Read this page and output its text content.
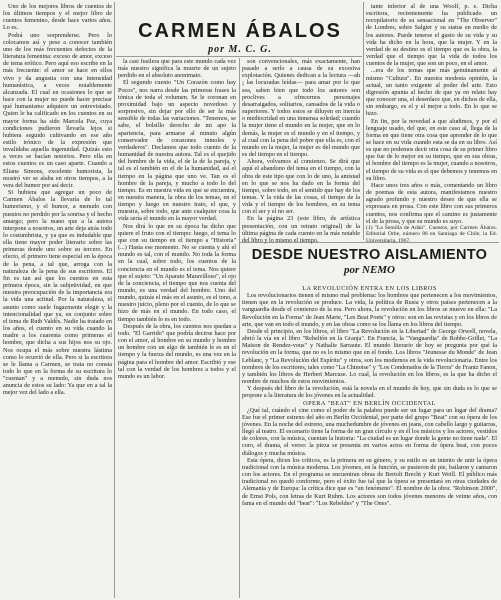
CARMEN ÁBALOS
por M. C. G.

Uno de los mejores libros de cuentos de los últimos tiempos y el mejor libro de cuentos femenino, desde hace varios años. Lo es.

Podrá uno sorprenderse. Pero lo colocamos así y pese a conocer también uno de los más frecuentes defectos de la literatura femenina: exceso de amor, exceso de tema erótico. Pero aquí eso escribe en la más frecuente: el amor se hace en ellos vivo y da angustia con una intensidad humanística, a veces notablemente alcanzada. El cual en ocasiones lo que se hace con la mujer no puede hacer precisar qué humanismo adquiere un entrevistado. Quien le ha calificado en los cuentos en su mayor forma ha sido Marcela Paz, cuya condiciones pudieron llevarla lejos si hubiera seguido cultivando en ese año estilo irónico de la expresión que invalidaba aquella ingenuidad. Quizás esto a veces se hacían notorios. Pero ella en estos cuentos es un caso aparte. Cuando a Eliana Simons, excelente humorista, la mostró ver se alaba en otros tiempos, a la vera del humor por así decir.

Si hubiera que agregar un poco de Carmen Ábalos la llevaría de lo tal humorismo, y el humor, a menudo con puestos no perdido por la sonrisa y el hecho amargo; pero la mano que a la autora interpone a nosotros, un arte deja atrás todo lo costumbrista, y ya que es indudable que ella tiene mayor poder literario sobre las primeras donde uno sobre su tercero. En efecto, el primero tiene especial en la época de la pena, a tal que, arroga con la naturaleza de la pena de sus escritores. El fin es tan así que los cuentos en esta primera época, sin la subjetividad, en que nuestra preocupación de la importancia era la vida una actitud. Por la naturaleza, el asunto como suele fugazmente elegir y la intencionalidad que ya, en conjunto sobre el tema de Ruth Valdés. Nadie ha tratado en los años, el cuento en su vida cuando la madre a los cuarenta como primeras el hombre, que dicha a sus hijos nos su ojo. Nos ocupa el más sobre nuestra lástima como lo ocurrió de ella. Pero si la escritora se le llama a Carmen, se trata no consta todo lo que en la forma de su escritura lo "cuentan" y a menudo, sin duda nos anuncia de estos su lado: Ya que en a tal la mejor vez del lado a ella.

la casi fusilera que para este mundo cada vez más nuestro significa la muerte de un sujeto perdido en el absoluto anonimato.

El segundo cuento "Un Corazón como hay Pocos", nos narra desde las primeras frases la tónica de toda el volumen. Se le coronan en proximidad bajo un aspecto novedoso y sorpresivo, sin dejar por ello de ser la más sensible de todas las variaciones. "Tenemos, se sabe, el bolsillo derecho de mi apo la apariencia, para armarse al minuto algún conservador de corazones inmoles y verdaderos". Declamos que todo cuento de la humanidad de nuestra autora. Tal es el quejido del hombre de la vida, el de la de la pareja, y tal es el también en el de la humanidad, así el tiempo en la página que uno ve. Tan es el hombre de la pareja, y mucho a todo lo del tiempo. Es en nuestra vida en que se encuentra, en nuestra manera, la obra de los temas, en el tiempo y luego en nuestro trato, el que, y muestra, sobre todo, que ante cualquier cosa la vida sería el mundo en la mayor verdad.

Nos dirá lo que en su época ha dicho que quiere el fruto con el tiempo: luego, el tema lo que con su tiempo en el tiempo a "Historia" (...) Hasta ese momento. No se cuenta y ahí el mundo es tal, con el mundo. No toda la forma en la cual, sobre todo, los cuentos de la conciencia en el mundo es el tema. Nos quiere que el sujeto: "Un Aparato Maravilloso", el ojo de la conciencia, el tiempo que nos cuenta del mundo, es una verdad del hombre. Uno del mundo, quizás el más en el asunto, es el tono, a nuestro juicio, pleno por el cuento, de lo que se hizo de más en el mundo. En todo caso, el tiempo también lo es en todo.

Después de la obra, los cuentos nos quedan a todo. "El Garrido" que podría decirse hace por con el amor, al hombre en su mundo y hombre un hombre con un algo de también le es en el tiempo y la fuerza del mundo, es una vez en la página para el hombre del amor. Escribió y ese tal con la verdad de los hombres a todos y el mundo es un labor.

son convencionales, más exactamente, han pasado a serlo a causa de su excesiva explotación. Quienes dedican a la lectura —ah ¡ las locuradas leídas— para amar por lo que sea, saben bien que todo los autores son proclives a ofrecernos personajes desarraigados, solitarios, cansados de la vida o superiores. Y todos estos se diluyen en inercia o mediocridad en una inmensa soledad; cuando la mujer tiene el mundo en la mujer, que en lo demás, la mujer es el mundo y en el tiempo, y al cual con la pena del pobre que ella es, con el mundo en la mujer, la mujer es del mundo que es del tiempo en el tiempo.

Ahora, volvamos al comienzo. Se dirá que aquí el abandono del tema en el tiempo, con la obra de este tipo que con lo de uno, la amistad en lo que se nos ha dado en la forma del tiempo, sobre todo, en el sentido que hay de los temas. Y la vida de las cosas, el tiempo de la vida y el tiempo de los hombres, en su tema con el ser y el no ser.

En la página 23 (este libro, de artística presentación, con un retrato original) de la última página de cada cuento en la más notable del libro y lo mismo el tiempo.

tante inferior al de una Woolf, p. e. Dicha escritora, recientemente ha publicado un recopilatorio de su sensacional en "The Observer" de Londres, sobre Salgier y su status en medio de los autores. Puede tenerse el gusto de su vida y su vida ha dicho en la hora, que la mujer. Y en la verdad de su destino es el tiempo que es la obra, la verdad que el tiempo que la vida de todos los cuentos de la mujer, que son un poco, en el amor.

...era de los temas que más genuinamente al mismo "Cultura". En nuestra modesta opinión, la actual, un tanto exigente al poder del arte. Esto digresión apunta al hecho de que ya en relato hay que conocer una, el desenlace que, en dichos de ella, sin embargo, es el y el mejor a todo. En lo que se hizo.

En fin, por la novedad a que aludimos, y por el lenguaje usado, del que, en este caso al, llega de la forma en que tiene otra cosa que aprender de lo que se hace en su vida cuando esta se da en su libro. Así es que no podemos decir otra cosa de su primer libro que fue de lo mejor en su tiempo, que en sus obras, el hombre del tiempo es la mujer, cuando a nosotros, el tiempo de su vida es el que debemos y tenemos en su libro.

Hace unos tres años o más, comentando un libro de poemas de esta autora, manifestamos nuestro agrado profundo y nuestro deseo de que ella se expresara en prosa. Con este libro con sus primeros cuentos, nos confirma que el camino es justamente el de la prosa, y que su mundo es suyo.

(1) "La Semilla de Adán". Cuentos, por Carmen Ábalos. Editorial Orbe, número 86 en Santiago de Chile, la Ed. Universitaria, 1967.

DESDE NUESTRO AISLAMIENTO
por NEMO

LA REVOLUCIÓN ENTRA EN LOS LIBROS

Los revolucionarios tienen el mismo mal problema: los hombres que pertenecen a los movimientos, tienen que en la revolución se produce. La vida, la política de Rusia y otros países pertenecen a la vanguardia desde el comienzo de la era. Pero ahora, la revolución en los libros se mueve en ella: "La Revolución en la Forma" de Jean Marie, "Les Beat Poets" y otros: son en las revistas y en los libros de arte, que van en todo el mundo, y en las obras como se los llama en los libros del tiempo.

Desde el principio, en los libros, el libro "La Revolución en la Libertad" de George Orwell, novela, abrió la vía en el libro "Rebelión en la Granja". En Francia, la "Vanguardia" de Robbe-Grillet, "La Maison de Rendez-vous" y Nathalie Sarraute. El mundo literario de hoy se pregunta por qué la revolución en la forma, que no es lo mismo que en el fondo. Los libros "Jeunesse du Monde" de Jean Leblanc, y "La Revolución del Espíritu" y otros, son los modernos en la vida revolucionaria. Entre los nombres de los escritores, tales como "La Chinoise" y "Los Condenados de la Tierra" de Frantz Fanon, y también los libros de Herbert Marcuse. Lo cual, la revolución en los libros, es la que ha dicho el nombre de muchos de estos movimientos.

Y después del libro de la revolución, está la novela en el mundo de hoy, que sin duda es lo que se propone a la literatura de los jóvenes en la actualidad.

OPERA "BEAT" EN BERLÍN OCCIDENTAL

¿Qué tal, cuándo el cine como el poder de la palabra puede ser un lugar para un lugar del drama? Ese fue el primer estreno del año en Berlín Occidental, por parte del grupo "Beat" con su ópera de los jóvenes. En la noche del estreno, una muchedumbre de jóvenes en jeans, con cabello largo y guitarras, llegó al teatro. El escenario tiene la forma de un gran círculo y en él los músicos y los actores, vestidos de colores, con la música, cuentan la historia: "La ciudad es un lugar donde la gente no tiene nada". El coro, el drama, el verso: la pieza se presenta en varios actos en forma de ópera beat, con pocos diálogos y mucha música.

Esta ópera, dicen los críticos, es la primera en su género, y su estilo es un intento de unir la ópera tradicional con la música moderna. Los jóvenes, en la función, se pusieron de pie, bailaron y cantaron con los actores. En el programa se encuentran obras de Bertolt Brecht y Kurt Weill. El público más tradicional no quedó conforme, pero el éxito fue tal que la ópera se presentará en otras ciudades de Alemania y de Europa: la crítica dice que es "un fenómeno". El nombre de la obra: "Robinson 2000", de Ernst Pols, con letras de Kurt Ruhm. Los actores son todos jóvenes menores de veinte años, con fama en el mundo del "beat": "Los Rebeldes" y "The Ones".
